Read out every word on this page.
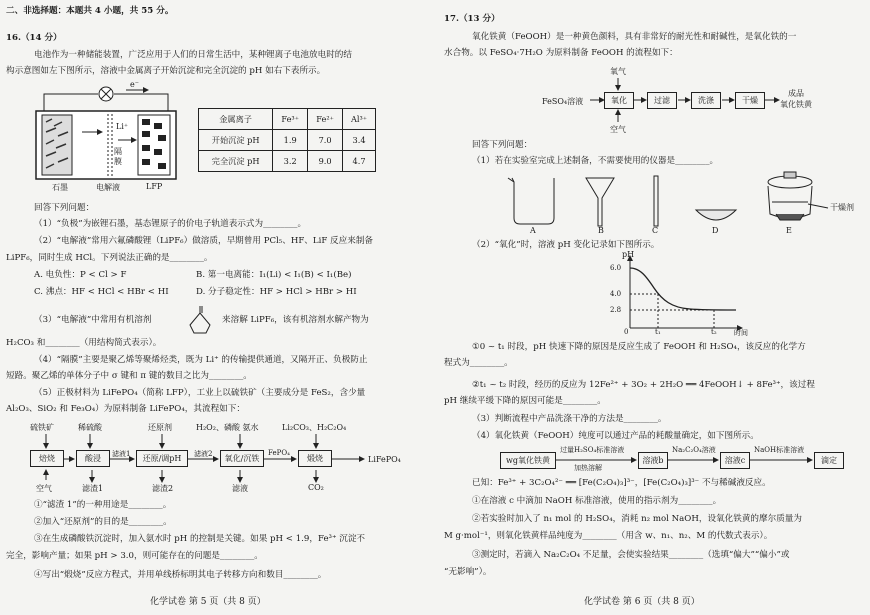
二、非选择题：本题共 4 小题，共 55 分。
16.（14 分）
电池作为一种储能装置，广泛应用于人们的日常生活中，某种锂离子电池放电时的结
构示意图如左下图所示，溶液中金属离子开始沉淀和完全沉淀的 pH 如右下表所示。
e⁻
Li⁺
隔
膜
石墨	电解液	LFP
金属离子	Fe³⁺	Fe²⁺	Al³⁺
开始沉淀 pH	1.9	7.0	3.4
完全沉淀 pH	3.2	9.0	4.7
回答下列问题：
（1）“负极”为嵌锂石墨，基态锂原子的价电子轨道表示式为________。
（2）“电解液”常用六氟磷酸锂（LiPF₆）做溶质，早期曾用 PCl₅、HF、LiF 反应来制备
LiPF₆，同时生成 HCl。下列说法正确的是________。
A. 电负性：P < Cl > F	B. 第一电离能：I₁(Li) < I₁(B) < I₁(Be)
C. 沸点：HF < HCl < HBr < HI	D. 分子稳定性：HF > HCl > HBr > HI
（3）“电解液”中常用有机溶剂	来溶解 LiPF₆，该有机溶剂水解产物为
H₂CO₃ 和________（用结构简式表示）。
（4）“隔膜”主要是聚乙烯等聚烯烃类，既为 Li⁺ 的传输提供通道，又隔开正、负极防止
短路。聚乙烯的单体分子中 σ 键和 π 键的数目之比为________。
（5）正极材料为 LiFePO₄（简称 LFP），工业上以硫铁矿（主要成分是 FeS₂，含少量
Al₂O₃、SiO₂ 和 Fe₃O₄）为原料制备 LiFePO₄，其流程如下：
硫铁矿	稀硫酸	还原剂	H₂O₂、磷酸 氨水	Li₂CO₃、H₂C₂O₄
焙烧	酸浸	还原/调pH	氧化/沉铁	煅烧
滤液1	滤液2	FePO₄
LiFePO₄
空气	滤渣1	滤渣2	滤液	CO₂
①“滤渣 1”的一种用途是________。
②加入“还原剂”的目的是________。
③在生成磷酸铁沉淀时，加入氨水时 pH 的控制是关键。如果 pH < 1.9，Fe³⁺ 沉淀不
完全，影响产量；如果 pH > 3.0，则可能存在的问题是________。
④写出“煅烧”反应方程式，并用单线桥标明其电子转移方向和数目________。
化学试卷 第 5 页（共 8 页）
17.（13 分）
氧化铁黄（FeOOH）是一种黄色颜料，具有非常好的耐光性和耐碱性，是氧化铁的一
水合物。以 FeSO₄·7H₂O 为原料制备 FeOOH 的流程如下：
氧气
FeSO₄溶液	氧化	过滤	洗涤	干燥
成品
氧化铁黄
空气
回答下列问题：
（1）若在实验室完成上述制备，不需要使用的仪器是________。
干燥剂
A	B	C	D	E
（2）“氧化”时，溶液 pH 变化记录如下图所示。
pH
6.0
4.0
2.8
0	t₁	t₂ 时间
①0 ~ t₁ 时段，pH 快速下降的原因是反应生成了 FeOOH 和 H₂SO₄，该反应的化学方
程式为________。
②t₁ ~ t₂ 时段，经历的反应为 12Fe²⁺ + 3O₂ + 2H₂O ══ 4FeOOH↓ + 8Fe³⁺，该过程
pH 继续平缓下降的原因可能是________。
（3）判断流程中产品洗涤干净的方法是________。
（4）氧化铁黄（FeOOH）纯度可以通过产品的耗酸量确定，如下图所示。
wg氧化铁黄
过量H₂SO₄标准溶液
加热溶解
溶液b
Na₂C₂O₄溶液
溶液c
NaOH标准溶液
滴定
已知：Fe³⁺ + 3C₂O₄²⁻ ══ [Fe(C₂O₄)₃]³⁻，[Fe(C₂O₄)₃]³⁻ 不与稀碱液反应。
①在溶液 c 中滴加 NaOH 标准溶液，使用的指示剂为________。
②若实验时加入了 n₁ mol 的 H₂SO₄，消耗 n₂ mol NaOH，设氧化铁黄的摩尔质量为
M g·mol⁻¹，则氧化铁黄样品纯度为________（用含 w、n₁、n₂、M 的代数式表示）。
③测定时，若滴入 Na₂C₂O₄ 不足量，会使实验结果________（选填“偏大”“偏小”或
“无影响”）。
化学试卷 第 6 页（共 8 页）
